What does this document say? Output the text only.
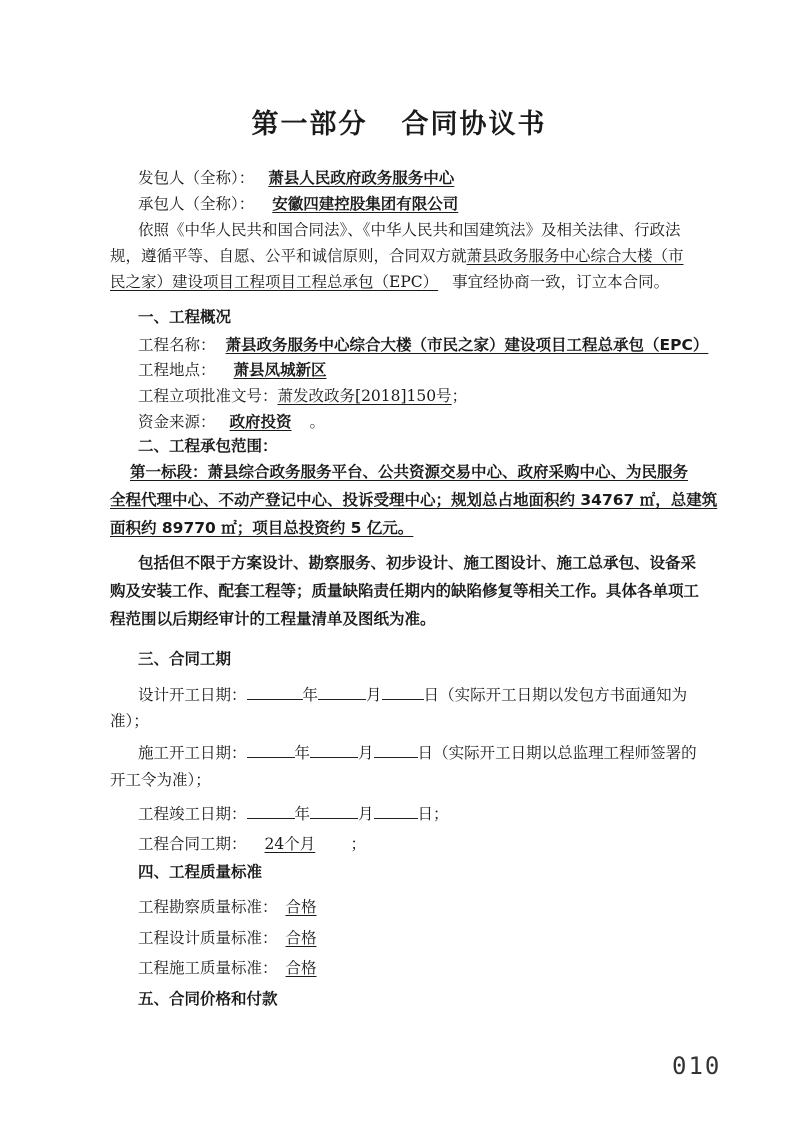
第一部分 合同协议书
发包人（全称）： 萧县人民政府政务服务中心
承包人（全称）： 安徽四建控股集团有限公司
依照《中华人民共和国合同法》、《中华人民共和国建筑法》及相关法律、行政法
规，遵循平等、自愿、公平和诚信原则，合同双方就萧县政务服务中心综合大楼（市
民之家）建设项目工程项目工程总承包（EPC） 事宜经协商一致，订立本合同。
一、工程概况
工程名称： 萧县政务服务中心综合大楼（市民之家）建设项目工程总承包（EPC）
工程地点： 萧县凤城新区
工程立项批准文号：萧发改政务[2018]150号；
资金来源： 政府投资 。
二、工程承包范围：
第一标段：萧县综合政务服务平台、公共资源交易中心、政府采购中心、为民服务
全程代理中心、不动产登记中心、投诉受理中心；规划总占地面积约 34767 ㎡，总建筑
面积约 89770 ㎡；项目总投资约 5 亿元。
包括但不限于方案设计、勘察服务、初步设计、施工图设计、施工总承包、设备采
购及安装工作、配套工程等；质量缺陷责任期内的缺陷修复等相关工作。具体各单项工
程范围以后期经审计的工程量清单及图纸为准。
三、合同工期
设计开工日期：	年	月	日（实际开工日期以发包方书面通知为
准）；
施工开工日期：	年	月	日（实际开工日期以总监理工程师签署的
开工令为准）；
工程竣工日期：	年	月	日；
工程合同工期： 24个月 ；
四、工程质量标准
工程勘察质量标准： 合格
工程设计质量标准： 合格
工程施工质量标准： 合格
五、合同价格和付款
010
